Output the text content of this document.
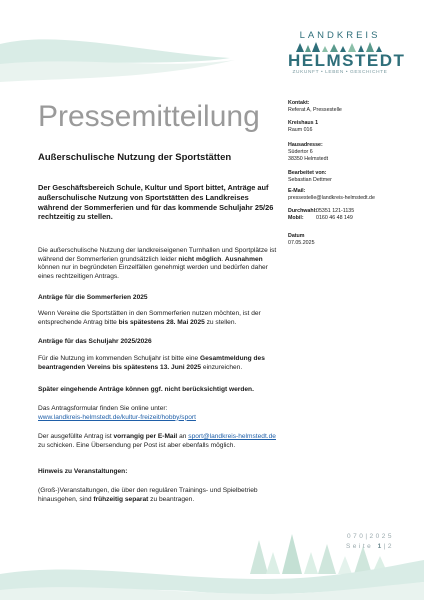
LANDKREIS
HELMSTEDT
ZUKUNFT • LEBEN • GESCHICHTE
Pressemitteilung
Außerschulische Nutzung der Sportstätten
Der Geschäftsbereich Schule, Kultur und Sport bittet, Anträge auf außerschulische Nutzung von Sportstätten des Landkreises während der Sommerferien und für das kommende Schuljahr 25/26 rechtzeitig zu stellen.
Die außerschulische Nutzung der landkreiseigenen Turnhallen und Sportplätze ist während der Sommerferien grundsätzlich leider nicht möglich. Ausnahmen können nur in begründeten Einzelfällen genehmigt werden und bedürfen daher eines rechtzeitigen Antrags.
Anträge für die Sommerferien 2025
Wenn Vereine die Sportstätten in den Sommerferien nutzen möchten, ist der entsprechende Antrag bitte bis spätestens 28. Mai 2025 zu stellen.
Anträge für das Schuljahr 2025/2026
Für die Nutzung im kommenden Schuljahr ist bitte eine Gesamtmeldung des beantragenden Vereins bis spätestens 13. Juni 2025 einzureichen.
Später eingehende Anträge können ggf. nicht berücksichtigt werden.
Das Antragsformular finden Sie online unter:
www.landkreis-helmstedt.de/kultur-freizeit/hobby/sport
Der ausgefüllte Antrag ist vorrangig per E-Mail an sport@landkreis-helmstedt.de zu schicken. Eine Übersendung per Post ist aber ebenfalls möglich.
Hinweis zu Veranstaltungen:
(Groß-)Veranstaltungen, die über den regulären Trainings- und Spielbetrieb hinausgehen, sind frühzeitig separat zu beantragen.
Kontakt:
Referat A, Pressestelle
Kreishaus 1
Raum 016
Hausadresse:
Südertor 6
38350 Helmstedt
Bearbeitet von:
Sebastian Dettmer
E-Mail:
pressestelle@landkreis-helmstedt.de
Durchwahl: 05351 121-1135
Mobil:	0160 46 48 149
Datum
07.05.2025
070|2025
Seite 1|2
